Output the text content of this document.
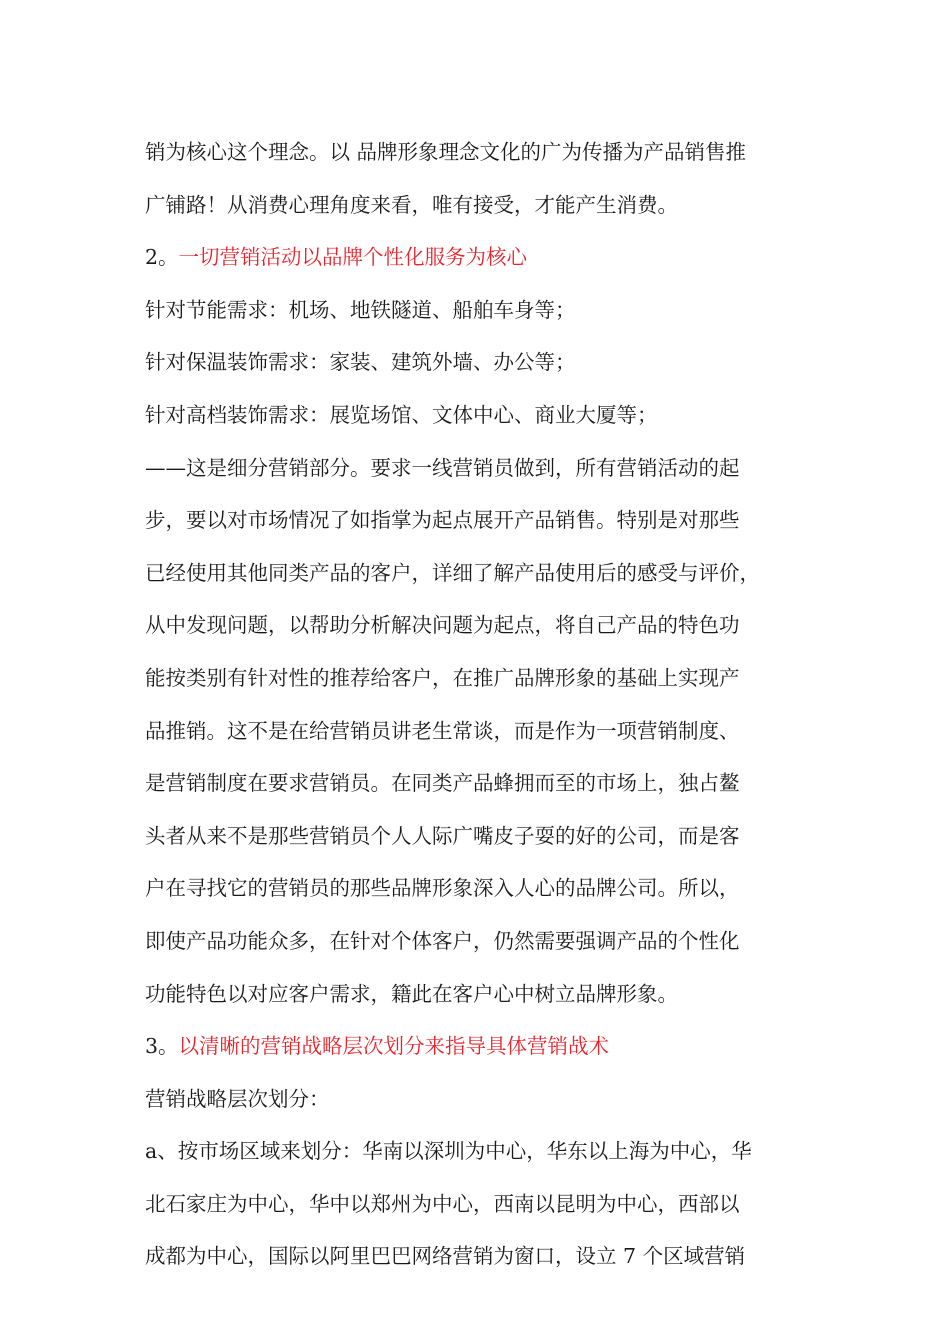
销为核心这个理念。以 品牌形象理念文化的广为传播为产品销售推
广铺路！从消费心理角度来看，唯有接受，才能产生消费。
2。一切营销活动以品牌个性化服务为核心
针对节能需求：机场、地铁隧道、船舶车身等；
针对保温装饰需求：家装、建筑外墙、办公等；
针对高档装饰需求：展览场馆、文体中心、商业大厦等；
——这是细分营销部分。要求一线营销员做到，所有营销活动的起
步，要以对市场情况了如指掌为起点展开产品销售。特别是对那些
已经使用其他同类产品的客户，详细了解产品使用后的感受与评价，
从中发现问题，以帮助分析解决问题为起点，将自己产品的特色功
能按类别有针对性的推荐给客户，在推广品牌形象的基础上实现产
品推销。这不是在给营销员讲老生常谈，而是作为一项营销制度、
是营销制度在要求营销员。在同类产品蜂拥而至的市场上，独占鳌
头者从来不是那些营销员个人人际广嘴皮子耍的好的公司，而是客
户在寻找它的营销员的那些品牌形象深入人心的品牌公司。所以，
即使产品功能众多，在针对个体客户，仍然需要强调产品的个性化
功能特色以对应客户需求，籍此在客户心中树立品牌形象。
3。以清晰的营销战略层次划分来指导具体营销战术
营销战略层次划分：
a、按市场区域来划分：华南以深圳为中心，华东以上海为中心，华
北石家庄为中心，华中以郑州为中心，西南以昆明为中心，西部以
成都为中心，国际以阿里巴巴网络营销为窗口，设立 7 个区域营销
